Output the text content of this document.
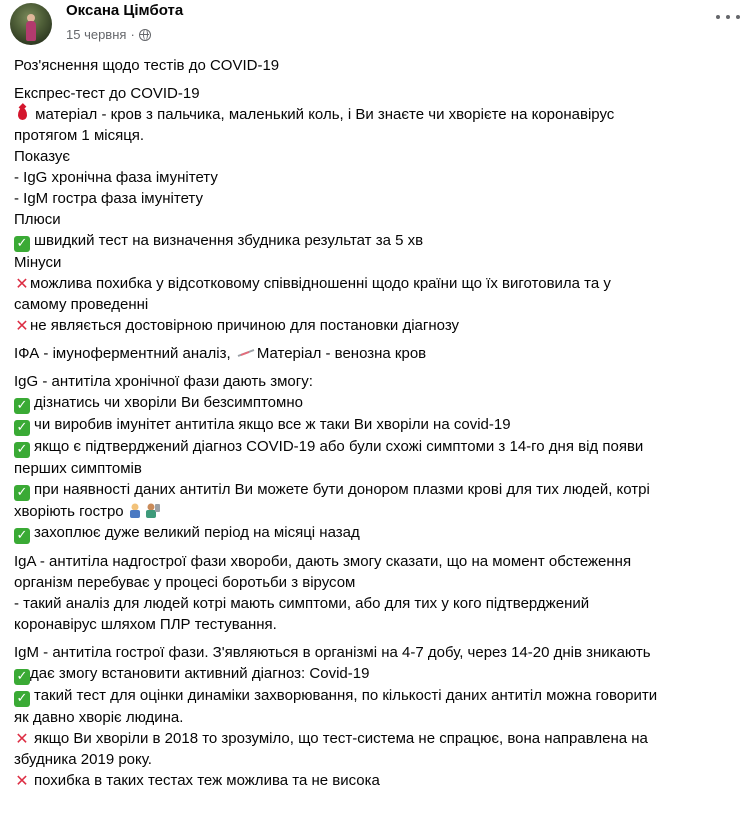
Оксана Цімбота
15 червня ·
Роз'яснення щодо тестів до COVID-19
Експрес-тест до COVID-19
матеріал - кров з пальчика, маленький коль, і Ви знаєте чи хворієте на коронавірус
протягом 1 місяця.
Показує
- IgG хронічна фаза імунітету
- IgM гостра фаза імунітету
Плюси
✓ швидкий тест на визначення збудника результат за 5 хв
Мінуси
✕можлива похибка у відсотковому співвідношенні щодо країни що їх виготовила та у
самому проведенні
✕не являється достовірною причиною для постановки діагнозу
ІФА - імуноферментний аналіз, Матеріал - венозна кров
IgG - антитіла хронічної фази дають змогу:
✓ дізнатись чи хворіли Ви безсимптомно
✓ чи виробив імунітет антитіла якщо все ж таки Ви хворіли на covid-19
✓ якщо є підтверджений діагноз COVID-19 або були схожі симптоми з 14-го дня від появи
перших симптомів
✓ при наявності даних антитіл Ви можете бути донором плазми крові для тих людей, котрі
хворіють гостро
✓ захоплює дуже великий період на місяці назад
IgA - антитіла надгострої фази хвороби, дають змогу сказати, що на момент обстеження
організм перебуває у процесі боротьби з вірусом
- такий аналіз для людей котрі мають симптоми, або для тих у кого підтверджений
коронавірус шляхом ПЛР тестування.
IgM - антитіла гострої фази. З'являються в організмі на 4-7 добу, через 14-20 днів зникають
✓ дає змогу встановити активний діагноз: Covid-19
✓ такий тест для оцінки динаміки захворювання, по кількості даних антитіл можна говорити
як давно хворіє людина.
✕ якщо Ви хворіли в 2018 то зрозуміло, що тест-система не спрацює, вона направлена на
збудника 2019 року.
✕ похибка в таких тестах теж можлива та не висока
